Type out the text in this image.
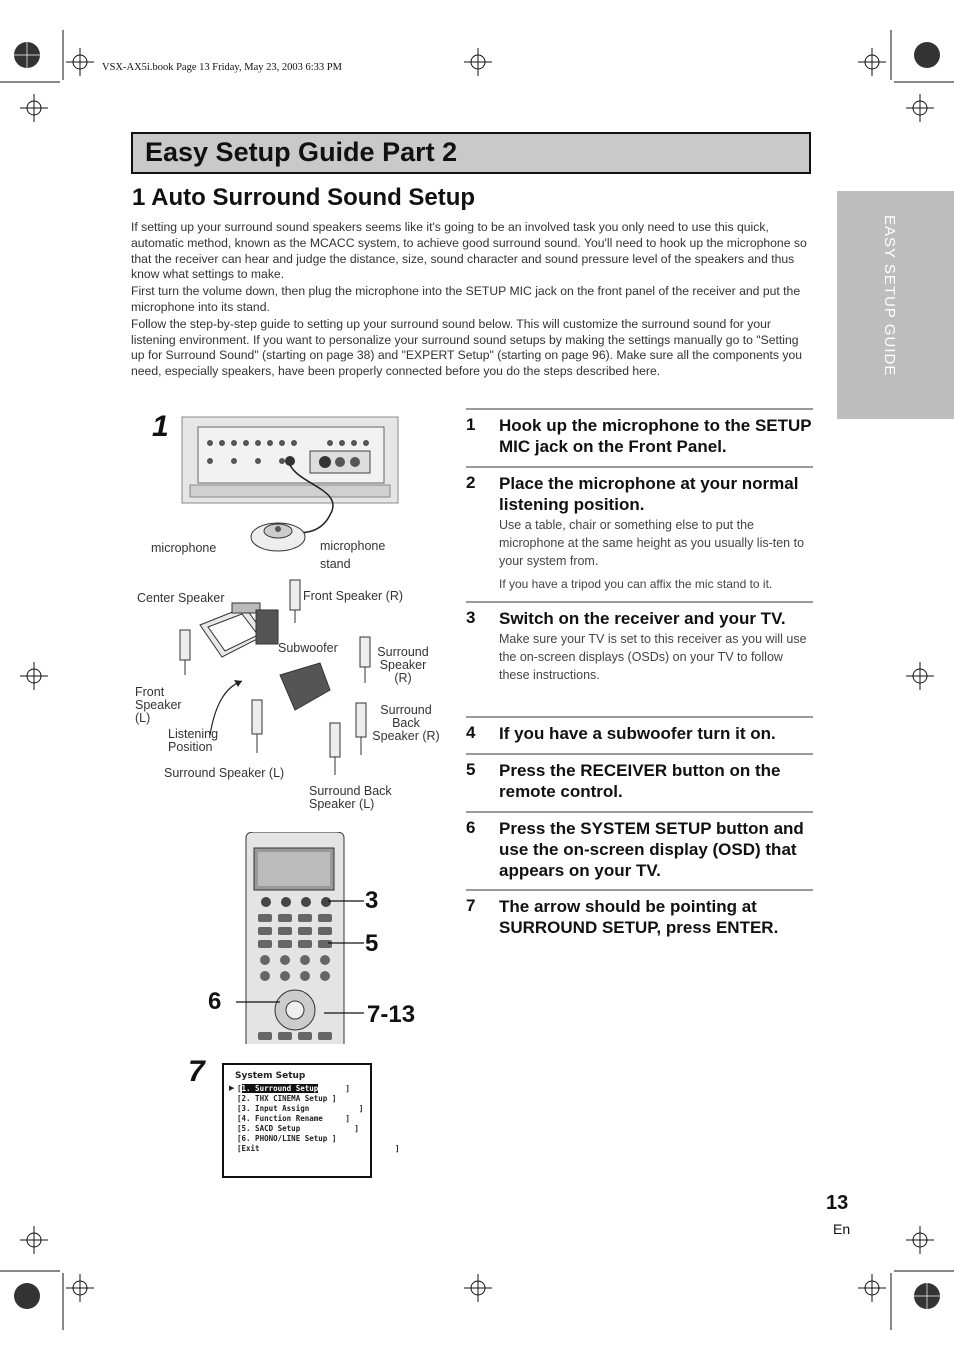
VSX-AX5i.book Page 13 Friday, May 23, 2003 6:33 PM
Easy Setup Guide Part 2
1 Auto Surround Sound Setup

If setting up your surround sound speakers seems like it's going to be an involved task you only need to use this quick, automatic method, known as the MCACC system, to achieve good surround sound. You'll need to hook up the microphone so that the receiver can hear and judge the distance, size, sound character and sound pressure level of the speakers and thus know what settings to make.

First turn the volume down, then plug the microphone into the SETUP MIC jack on the front panel of the receiver and put the microphone into its stand.

Follow the step-by-step guide to setting up your surround sound below. This will customize the surround sound for your listening environment. If you want to personalize your surround sound setups by making the settings manually go to "Setting up for Surround Sound" (starting on page 38) and "EXPERT Setup" (starting on page 96). Make sure all the components you need, especially speakers, have been properly connected before you do the steps described here.	EASY SETUP GUIDE
1
microphone	microphone stand
Center Speaker	Front Speaker (R)
Subwoofer	Surround Speaker (R)
Front Speaker (L)
Listening Position
Surround Back Speaker (R)
Surround Speaker (L)
Surround Back Speaker (L)
3
5
6	7-13
7	System Setup
▶ [1. Surround Setup      ]
[2. THX CINEMA Setup ]
[3. Input Assign           ]
[4. Function Rename     ]
[5. SACD Setup            ]
[6. PHONO/LINE Setup ]
[Exit                              ]
1 Hook up the microphone to the SETUP MIC jack on the Front Panel.
2 Place the microphone at your normal listening position.
Use a table, chair or something else to put the microphone at the same height as you usually lis-ten to your system from.
If you have a tripod you can affix the mic stand to it.
3 Switch on the receiver and your TV.
Make sure your TV is set to this receiver as you will use the on-screen displays (OSDs) on your TV to follow these instructions.
4 If you have a subwoofer turn it on.
5 Press the RECEIVER button on the remote control.
6 Press the SYSTEM SETUP button and use the on-screen display (OSD) that appears on your TV.
7 The arrow should be pointing at SURROUND SETUP, press ENTER.
13
En
